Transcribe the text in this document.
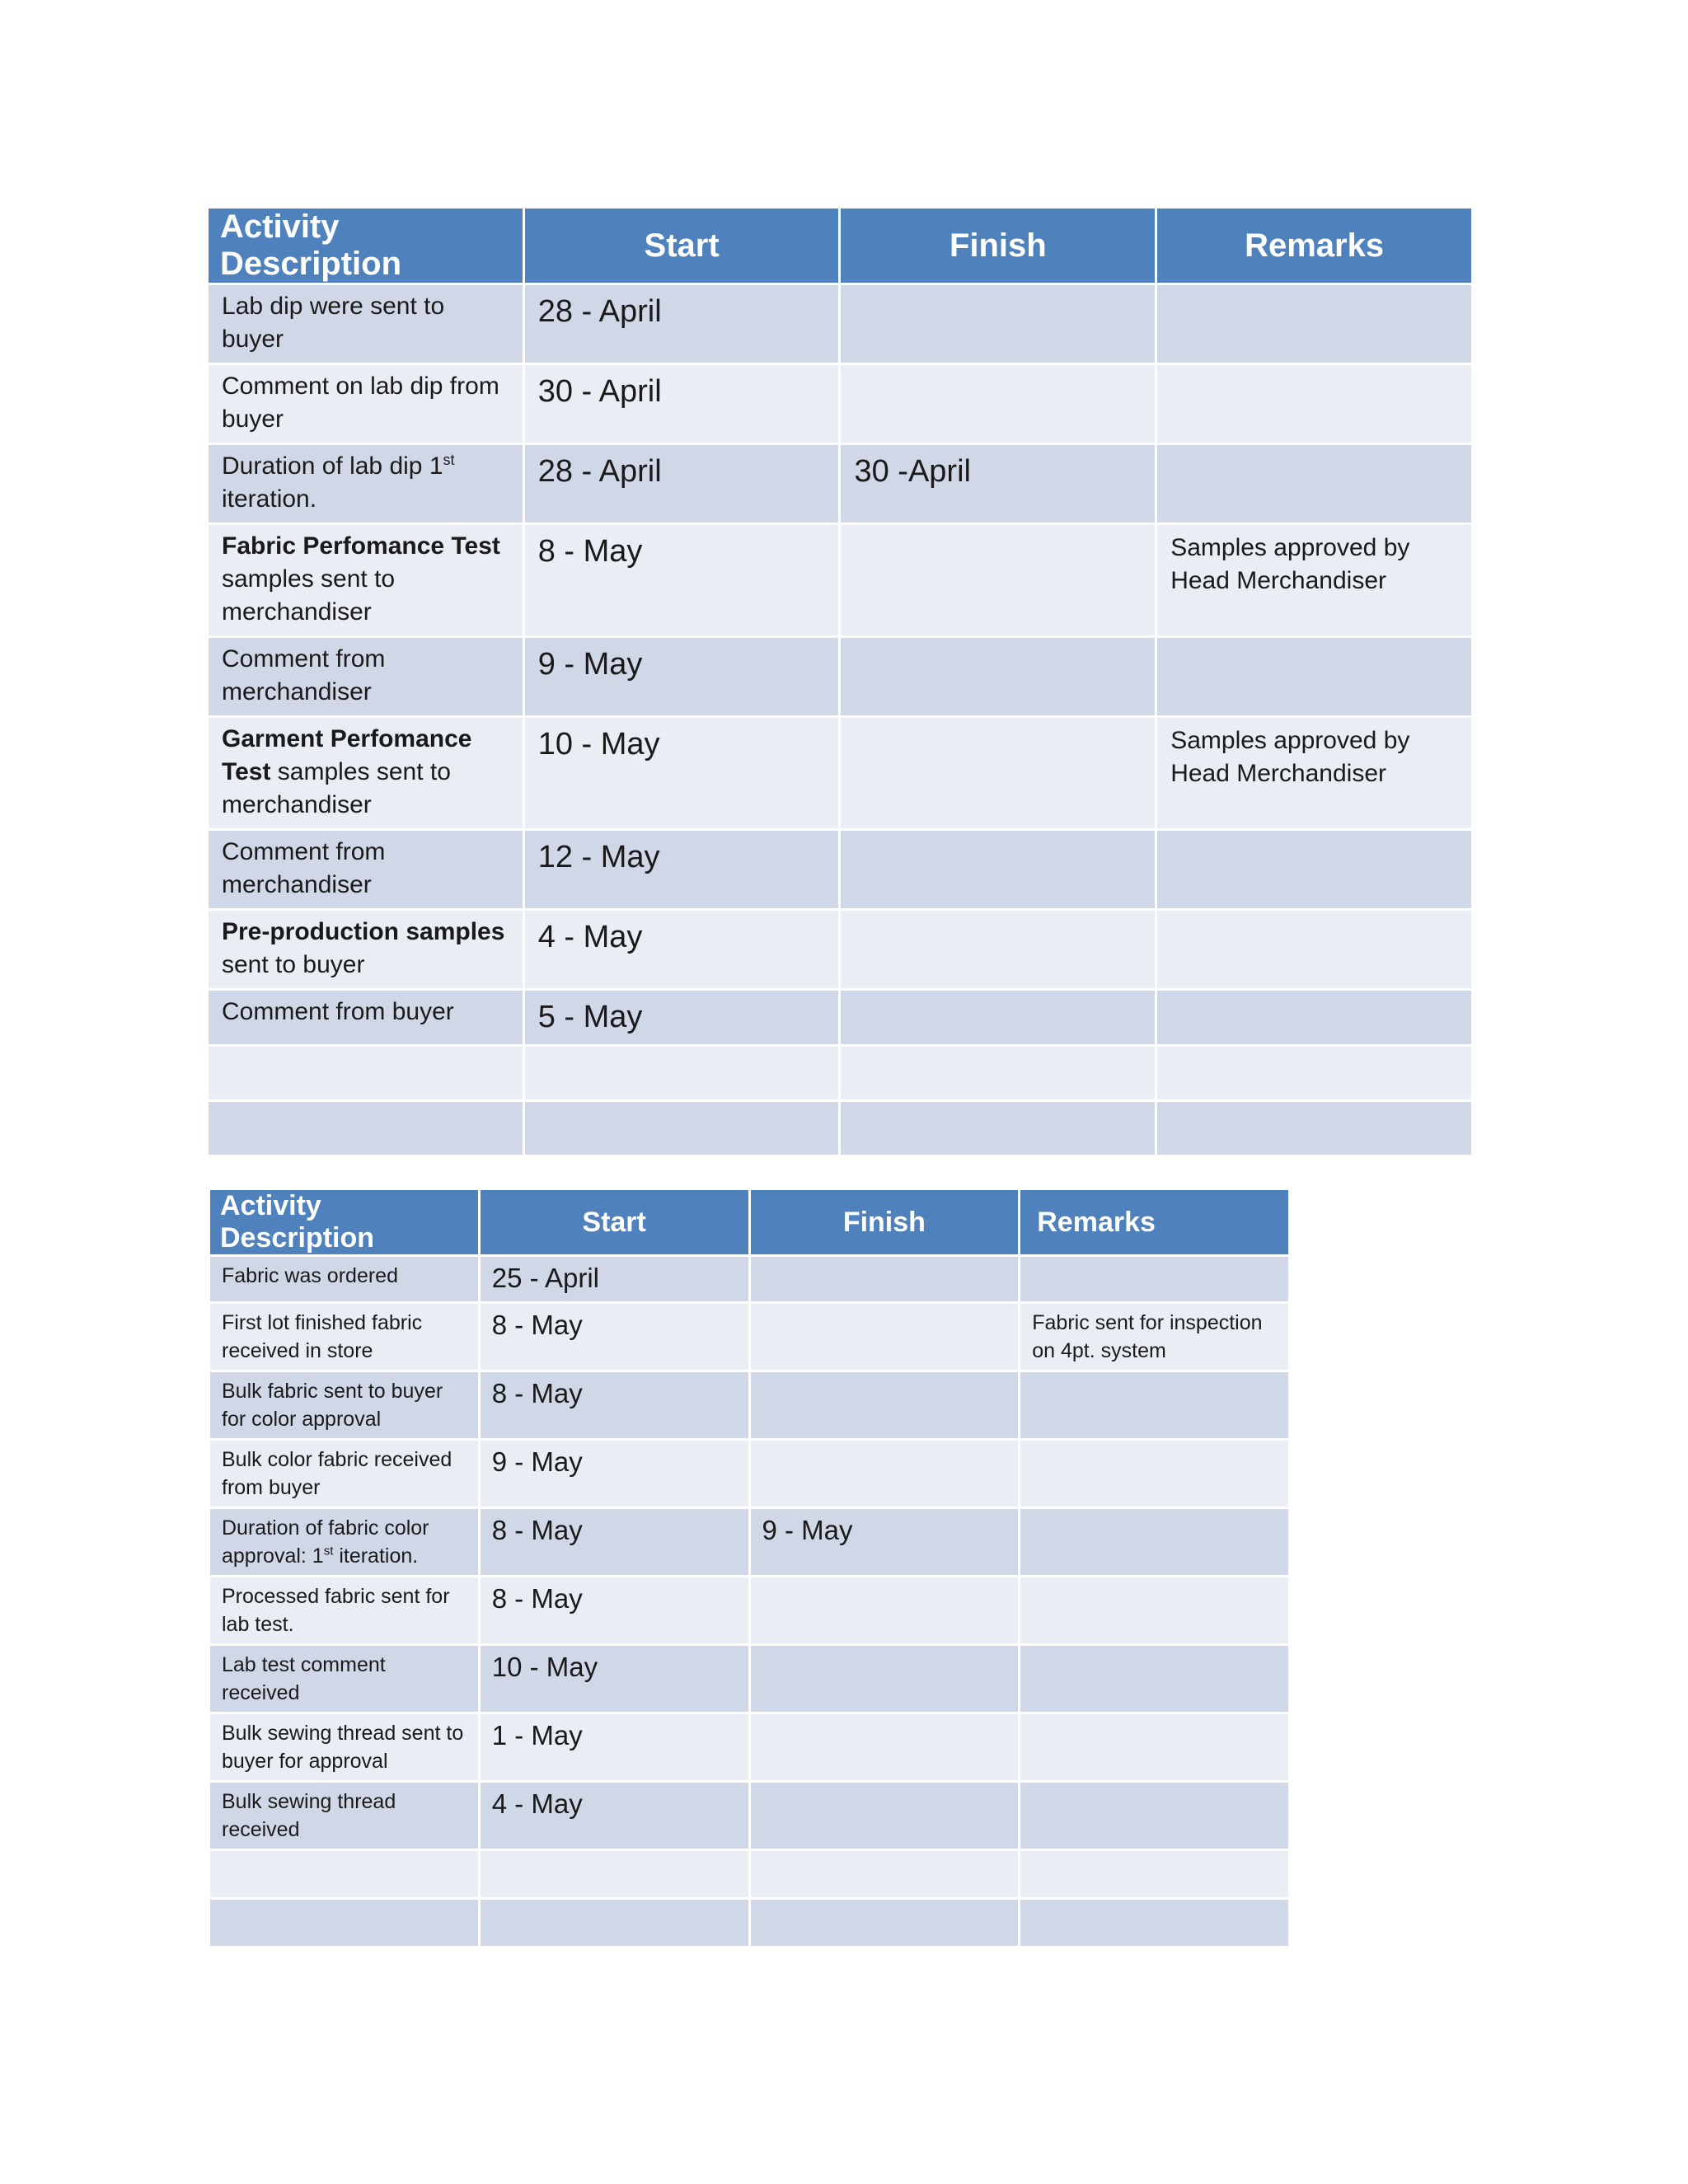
Activity Description	Start	Finish	Remarks
Lab dip were sent to buyer	28 - April		
Comment on lab dip from buyer	30 - April		
Duration of lab dip 1st iteration.	28 - April	30 -April	
Fabric Perfomance Test samples sent to merchandiser	8 - May		Samples approved by Head Merchandiser
Comment from merchandiser	9 - May		
Garment Perfomance Test samples sent to merchandiser	10 - May		Samples approved by Head Merchandiser
Comment from merchandiser	12 - May		
Pre-production samples sent to buyer	4 - May		
Comment from buyer	5 - May		

Activity Description	Start	Finish	Remarks
Fabric was ordered	25 - April		
First lot finished fabric received in store	8 - May		Fabric sent for inspection on 4pt. system
Bulk fabric sent to buyer for color approval	8 - May		
Bulk color fabric received from buyer	9 - May		
Duration of fabric color approval: 1st iteration.	8 - May	9 - May	
Processed fabric sent for lab test.	8 - May		
Lab test comment received	10 - May		
Bulk sewing thread sent to buyer for approval	1 - May		
Bulk sewing thread received	4 - May		
